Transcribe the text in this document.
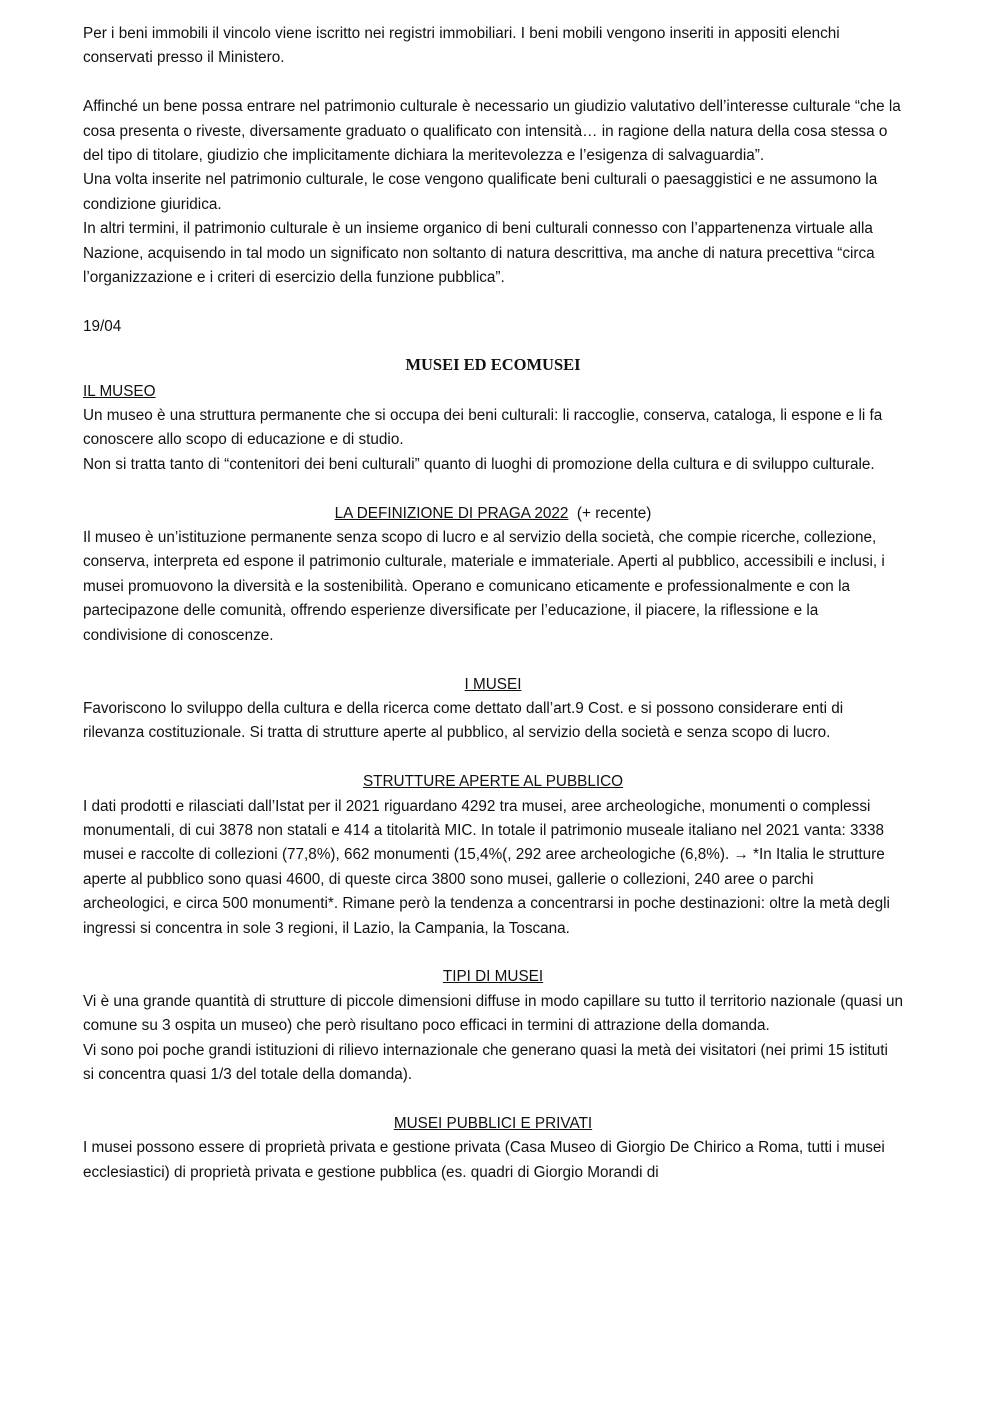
Per i beni immobili il vincolo viene iscritto nei registri immobiliari. I beni mobili vengono inseriti in appositi elenchi conservati presso il Ministero.

Affinché un bene possa entrare nel patrimonio culturale è necessario un giudizio valutativo dell’interesse culturale “che la cosa presenta o riveste, diversamente graduato o qualificato con intensità… in ragione della natura della cosa stessa o del tipo di titolare, giudizio che implicitamente dichiara la meritevolezza e l’esigenza di salvaguardia”.

Una volta inserite nel patrimonio culturale, le cose vengono qualificate beni culturali o paesaggistici e ne assumono la condizione giuridica.

In altri termini, il patrimonio culturale è un insieme organico di beni culturali connesso con l’appartenenza virtuale alla Nazione, acquisendo in tal modo un significato non soltanto di natura descrittiva, ma anche di natura precettiva “circa l’organizzazione e i criteri di esercizio della funzione pubblica”.

19/04

MUSEI ED ECOMUSEI

IL MUSEO

Un museo è una struttura permanente che si occupa dei beni culturali: li raccoglie, conserva, cataloga, li espone e li fa conoscere allo scopo di educazione e di studio.

Non si tratta tanto di “contenitori dei beni culturali” quanto di luoghi di promozione della cultura e di sviluppo culturale.

LA DEFINIZIONE DI PRAGA 2022  (+ recente)

Il museo è un’istituzione permanente senza scopo di lucro e al servizio della società, che compie ricerche, collezione, conserva, interpreta ed espone il patrimonio culturale, materiale e immateriale. Aperti al pubblico, accessibili e inclusi, i musei promuovono la diversità e la sostenibilità. Operano e comunicano eticamente e professionalmente e con la partecipazone delle comunità, offrendo esperienze diversificate per l’educazione, il piacere, la riflessione e la condivisione di conoscenze.

I MUSEI

Favoriscono lo sviluppo della cultura e della ricerca come dettato dall’art.9 Cost. e si possono considerare enti di rilevanza costituzionale. Si tratta di strutture aperte al pubblico, al servizio della società e senza scopo di lucro.

STRUTTURE APERTE AL PUBBLICO

I dati prodotti e rilasciati dall’Istat per il 2021 riguardano 4292 tra musei, aree archeologiche, monumenti o complessi monumentali, di cui 3878 non statali e 414 a titolarità MIC. In totale il patrimonio museale italiano nel 2021 vanta: 3338 musei e raccolte di collezioni (77,8%), 662 monumenti (15,4%(, 292 aree archeologiche (6,8%). → *In Italia le strutture aperte al pubblico sono quasi 4600, di queste circa 3800 sono musei, gallerie o collezioni, 240 aree o parchi archeologici, e circa 500 monumenti*. Rimane però la tendenza a concentrarsi in poche destinazioni: oltre la metà degli ingressi si concentra in sole 3 regioni, il Lazio, la Campania, la Toscana.

TIPI DI MUSEI

Vi è una grande quantità di strutture di piccole dimensioni diffuse in modo capillare su tutto il territorio nazionale (quasi un comune su 3 ospita un museo) che però risultano poco efficaci in termini di attrazione della domanda.

Vi sono poi poche grandi istituzioni di rilievo internazionale che generano quasi la metà dei visitatori (nei primi 15 istituti si concentra quasi 1/3 del totale della domanda).

MUSEI PUBBLICI E PRIVATI

I musei possono essere di proprietà privata e gestione privata (Casa Museo di Giorgio De Chirico a Roma, tutti i musei ecclesiastici) di proprietà privata e gestione pubblica (es. quadri di Giorgio Morandi di
